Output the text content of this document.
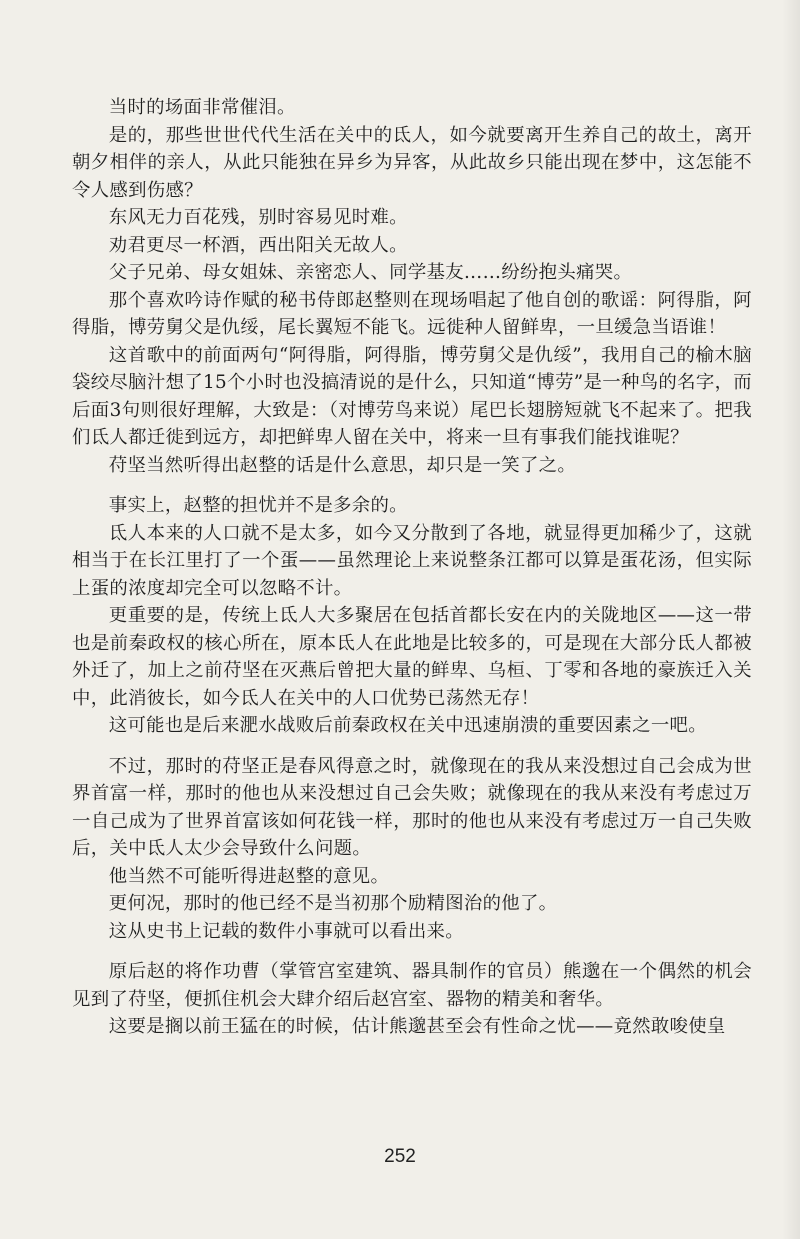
当时的场面非常催泪。

是的，那些世世代代生活在关中的氐人，如今就要离开生养自己的故土，离开朝夕相伴的亲人，从此只能独在异乡为异客，从此故乡只能出现在梦中，这怎能不令人感到伤感？

东风无力百花残，别时容易见时难。

劝君更尽一杯酒，西出阳关无故人。

父子兄弟、母女姐妹、亲密恋人、同学基友……纷纷抱头痛哭。

那个喜欢吟诗作赋的秘书侍郎赵整则在现场唱起了他自创的歌谣：阿得脂，阿得脂，博劳舅父是仇绥，尾长翼短不能飞。远徙种人留鲜卑，一旦缓急当语谁！

这首歌中的前面两句“阿得脂，阿得脂，博劳舅父是仇绥”，我用自己的榆木脑袋绞尽脑汁想了15个小时也没搞清说的是什么，只知道“博劳”是一种鸟的名字，而后面3句则很好理解，大致是：（对博劳鸟来说）尾巴长翅膀短就飞不起来了。把我们氐人都迁徙到远方，却把鲜卑人留在关中，将来一旦有事我们能找谁呢？

苻坚当然听得出赵整的话是什么意思，却只是一笑了之。

事实上，赵整的担忧并不是多余的。

氐人本来的人口就不是太多，如今又分散到了各地，就显得更加稀少了，这就相当于在长江里打了一个蛋——虽然理论上来说整条江都可以算是蛋花汤，但实际上蛋的浓度却完全可以忽略不计。

更重要的是，传统上氐人大多聚居在包括首都长安在内的关陇地区——这一带也是前秦政权的核心所在，原本氐人在此地是比较多的，可是现在大部分氐人都被外迁了，加上之前苻坚在灭燕后曾把大量的鲜卑、乌桓、丁零和各地的豪族迁入关中，此消彼长，如今氐人在关中的人口优势已荡然无存！

这可能也是后来淝水战败后前秦政权在关中迅速崩溃的重要因素之一吧。

不过，那时的苻坚正是春风得意之时，就像现在的我从来没想过自己会成为世界首富一样，那时的他也从来没想过自己会失败；就像现在的我从来没有考虑过万一自己成为了世界首富该如何花钱一样，那时的他也从来没有考虑过万一自己失败后，关中氐人太少会导致什么问题。

他当然不可能听得进赵整的意见。

更何况，那时的他已经不是当初那个励精图治的他了。

这从史书上记载的数件小事就可以看出来。

原后赵的将作功曹（掌管宫室建筑、器具制作的官员）熊邈在一个偶然的机会见到了苻坚，便抓住机会大肆介绍后赵宫室、器物的精美和奢华。

这要是搁以前王猛在的时候，估计熊邈甚至会有性命之忧——竟然敢唆使皇

252
